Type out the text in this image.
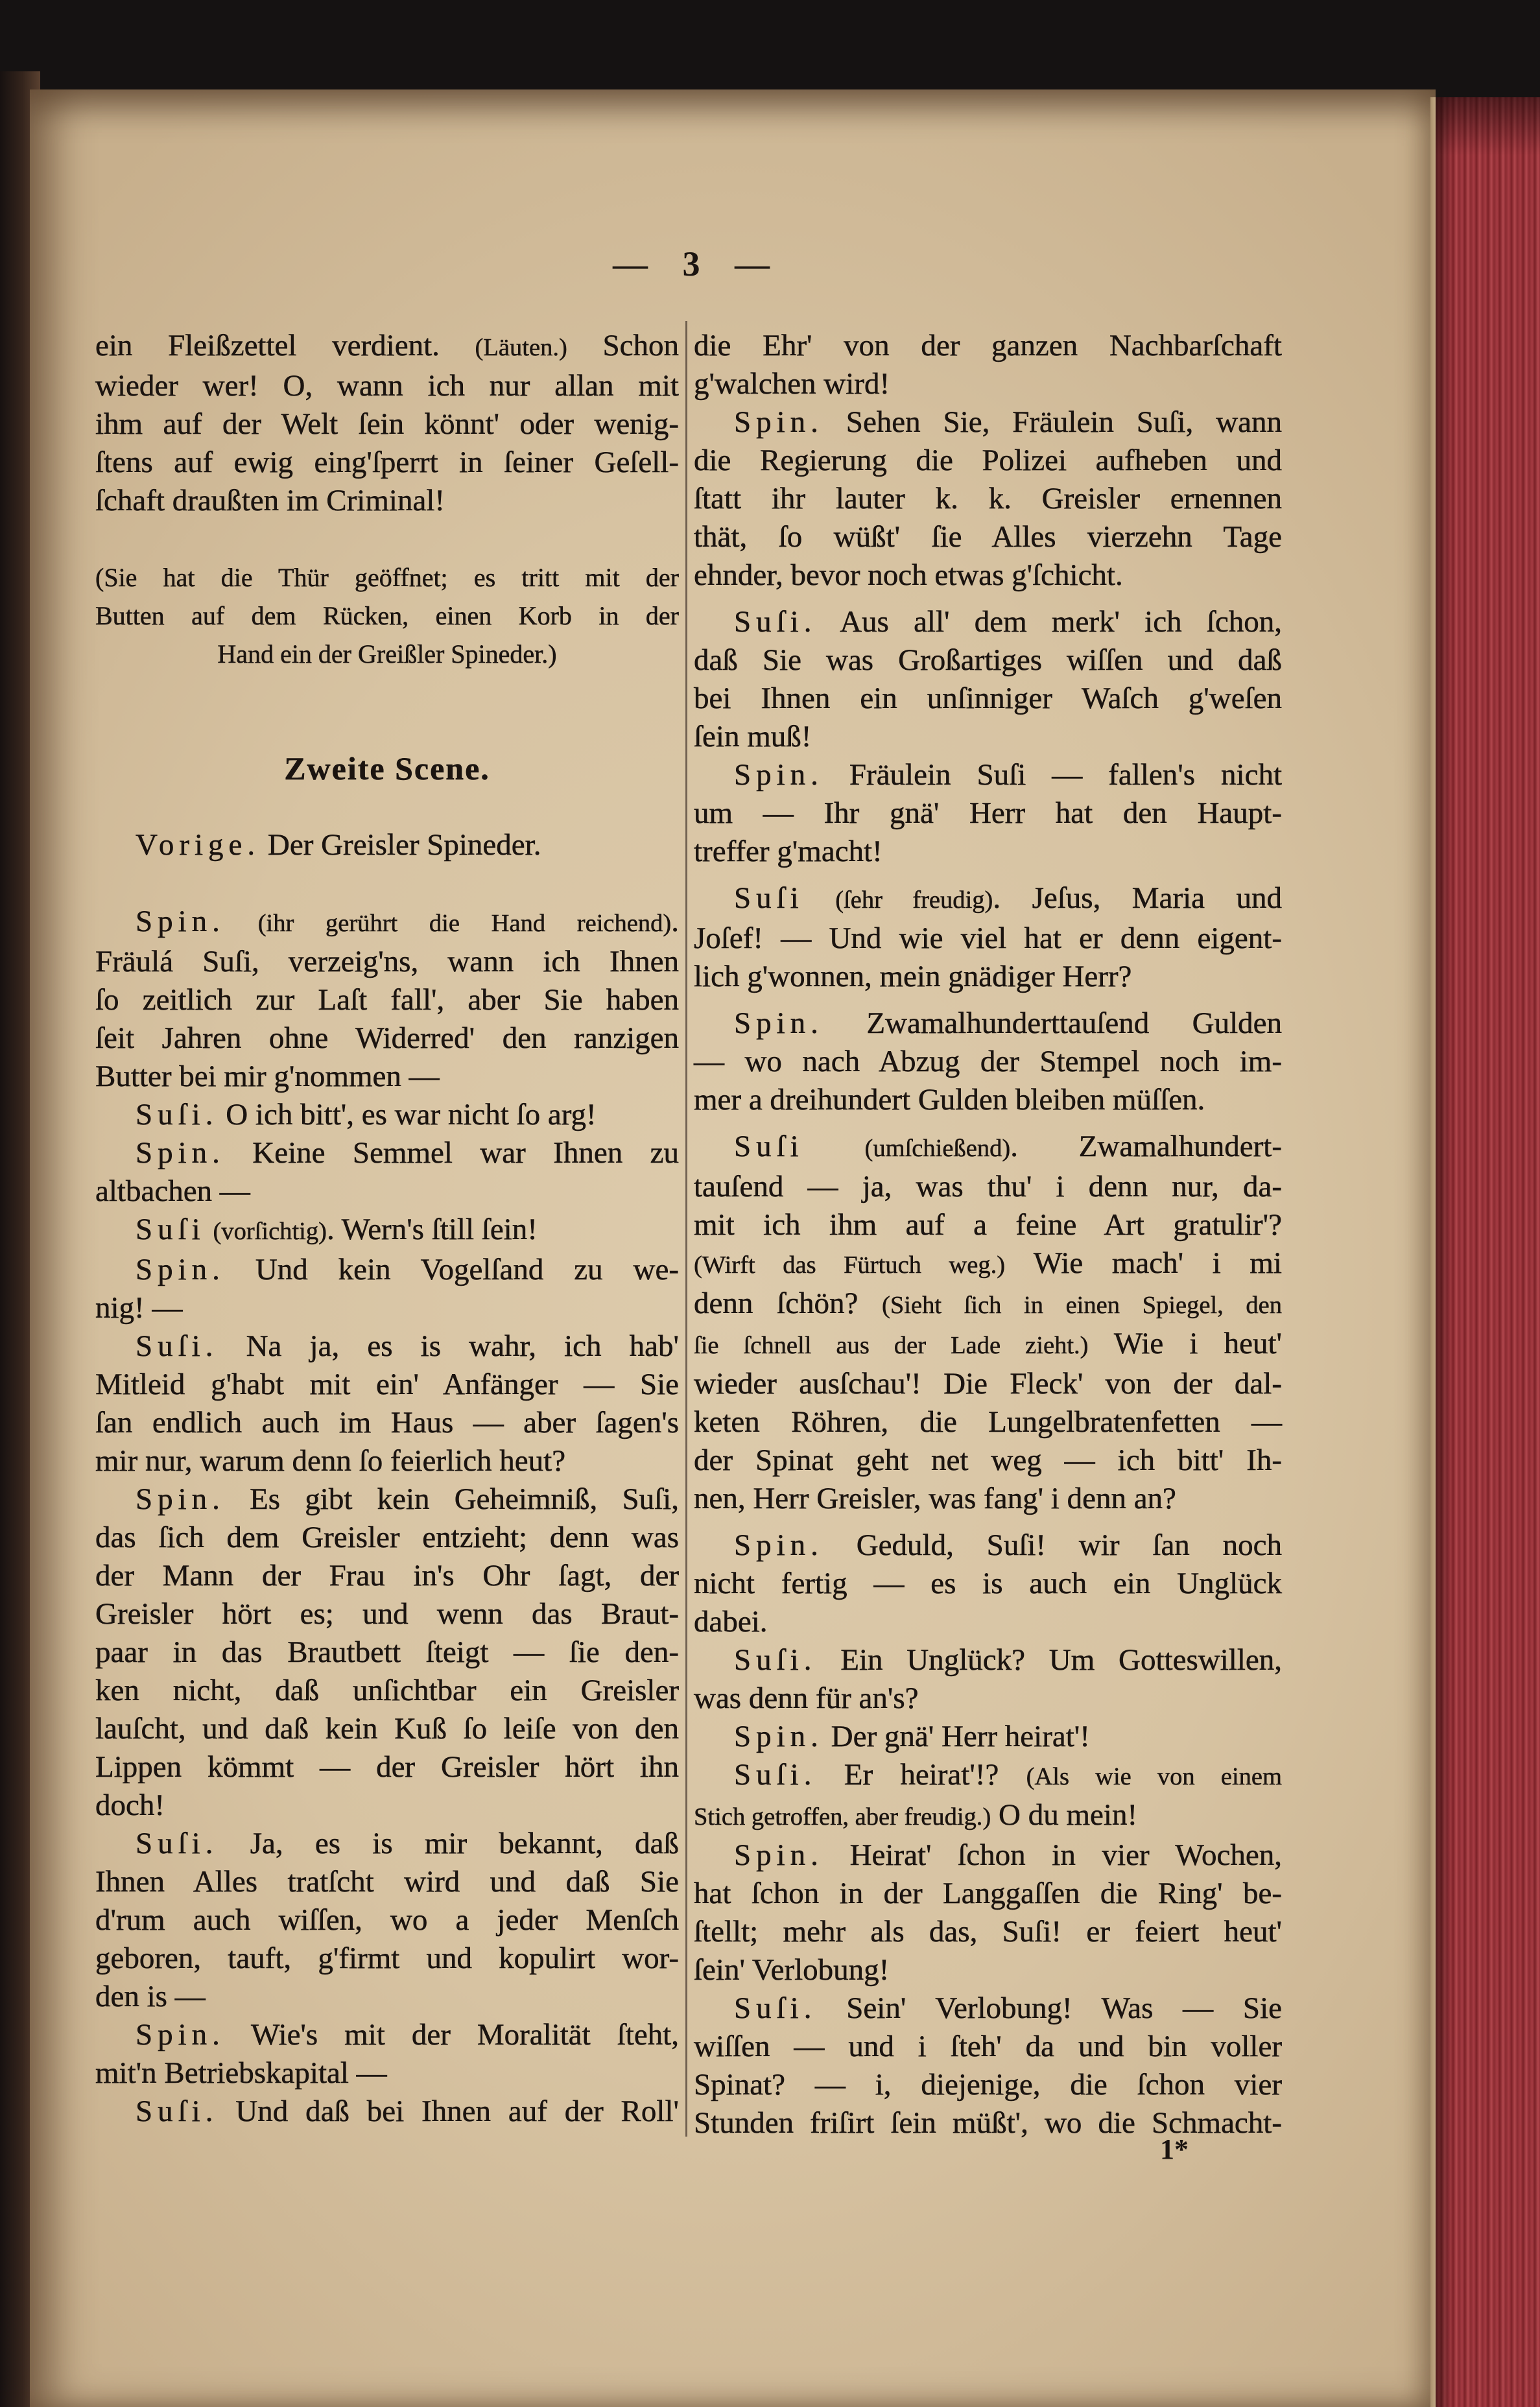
— 3 —
ein Fleißzettel verdient. (Läuten.) Schon
wieder wer! O, wann ich nur allan mit
ihm auf der Welt ſein könnt' oder wenig-
ſtens auf ewig eing'ſperrt in ſeiner Geſell-
ſchaft draußten im Criminal!
(Sie hat die Thür geöffnet; es tritt mit der
Butten auf dem Rücken, einen Korb in der
Hand ein der Greißler Spineder.)
Zweite Scene.
Vorige. Der Greisler Spineder.
Spin. (ihr gerührt die Hand reichend).
Fräulá Suſi, verzeig'ns, wann ich Ihnen
ſo zeitlich zur Laſt fall', aber Sie haben
ſeit Jahren ohne Widerred' den ranzigen
Butter bei mir g'nommen —
Suſi. O ich bitt', es war nicht ſo arg!
Spin. Keine Semmel war Ihnen zu
altbachen —
Suſi (vorſichtig). Wern's ſtill ſein!
Spin. Und kein Vogelſand zu we-
nig! —
Suſi. Na ja, es is wahr, ich hab'
Mitleid g'habt mit ein' Anfänger — Sie
ſan endlich auch im Haus — aber ſagen's
mir nur, warum denn ſo feierlich heut?
Spin. Es gibt kein Geheimniß, Suſi,
das ſich dem Greisler entzieht; denn was
der Mann der Frau in's Ohr ſagt, der
Greisler hört es; und wenn das Braut-
paar in das Brautbett ſteigt — ſie den-
ken nicht, daß unſichtbar ein Greisler
lauſcht, und daß kein Kuß ſo leiſe von den
Lippen kömmt — der Greisler hört ihn
doch!
Suſi. Ja, es is mir bekannt, daß
Ihnen Alles tratſcht wird und daß Sie
d'rum auch wiſſen, wo a jeder Menſch
geboren, tauft, g'firmt und kopulirt wor-
den is —
Spin. Wie's mit der Moralität ſteht,
mit'n Betriebskapital —
Suſi. Und daß bei Ihnen auf der Roll'
die Ehr' von der ganzen Nachbarſchaft
g'walchen wird!
Spin. Sehen Sie, Fräulein Suſi, wann
die Regierung die Polizei aufheben und
ſtatt ihr lauter k. k. Greisler ernennen
thät, ſo wüßt' ſie Alles vierzehn Tage
ehnder, bevor noch etwas g'ſchicht.
Suſi. Aus all' dem merk' ich ſchon,
daß Sie was Großartiges wiſſen und daß
bei Ihnen ein unſinniger Waſch g'weſen
ſein muß!
Spin. Fräulein Suſi — fallen's nicht
um — Ihr gnä' Herr hat den Haupt-
treffer g'macht!
Suſi (ſehr freudig). Jeſus, Maria und
Joſef! — Und wie viel hat er denn eigent-
lich g'wonnen, mein gnädiger Herr?
Spin. Zwamalhunderttauſend Gulden
— wo nach Abzug der Stempel noch im-
mer a dreihundert Gulden bleiben müſſen.
Suſi (umſchießend). Zwamalhundert-
tauſend — ja, was thu' i denn nur, da-
mit ich ihm auf a feine Art gratulir'?
(Wirft das Fürtuch weg.) Wie mach' i mi
denn ſchön? (Sieht ſich in einen Spiegel, den
ſie ſchnell aus der Lade zieht.) Wie i heut'
wieder ausſchau'! Die Fleck' von der dal-
keten Röhren, die Lungelbratenfetten —
der Spinat geht net weg — ich bitt' Ih-
nen, Herr Greisler, was fang' i denn an?
Spin. Geduld, Suſi! wir ſan noch
nicht fertig — es is auch ein Unglück
dabei.
Suſi. Ein Unglück? Um Gotteswillen,
was denn für an's?
Spin. Der gnä' Herr heirat'!
Suſi. Er heirat'!? (Als wie von einem
Stich getroffen, aber freudig.) O du mein!
Spin. Heirat' ſchon in vier Wochen,
hat ſchon in der Langgaſſen die Ring' be-
ſtellt; mehr als das, Suſi! er feiert heut'
ſein' Verlobung!
Suſi. Sein' Verlobung! Was — Sie
wiſſen — und i ſteh' da und bin voller
Spinat? — i, diejenige, die ſchon vier
Stunden friſirt ſein müßt', wo die Schmacht-
1*
